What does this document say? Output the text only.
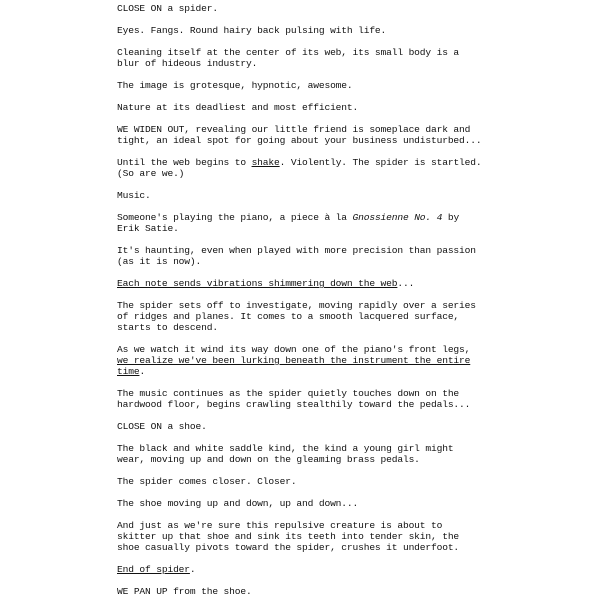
CLOSE ON a spider.

Eyes. Fangs. Round hairy back pulsing with life.

Cleaning itself at the center of its web, its small body is a blur of hideous industry.

The image is grotesque, hypnotic, awesome.

Nature at its deadliest and most efficient.

WE WIDEN OUT, revealing our little friend is someplace dark and tight, an ideal spot for going about your business undisturbed...

Until the web begins to shake. Violently. The spider is startled. (So are we.)

Music.

Someone's playing the piano, a piece à la Gnossienne No. 4 by Erik Satie.

It's haunting, even when played with more precision than passion (as it is now).

Each note sends vibrations shimmering down the web...

The spider sets off to investigate, moving rapidly over a series of ridges and planes. It comes to a smooth lacquered surface, starts to descend.

As we watch it wind its way down one of the piano's front legs, we realize we've been lurking beneath the instrument the entire time.

The music continues as the spider quietly touches down on the hardwood floor, begins crawling stealthily toward the pedals...

CLOSE ON a shoe.

The black and white saddle kind, the kind a young girl might wear, moving up and down on the gleaming brass pedals.

The spider comes closer. Closer.

The shoe moving up and down, up and down...

And just as we're sure this repulsive creature is about to skitter up that shoe and sink its teeth into tender skin, the shoe casually pivots toward the spider, crushes it underfoot.

End of spider.

WE PAN UP from the shoe.
